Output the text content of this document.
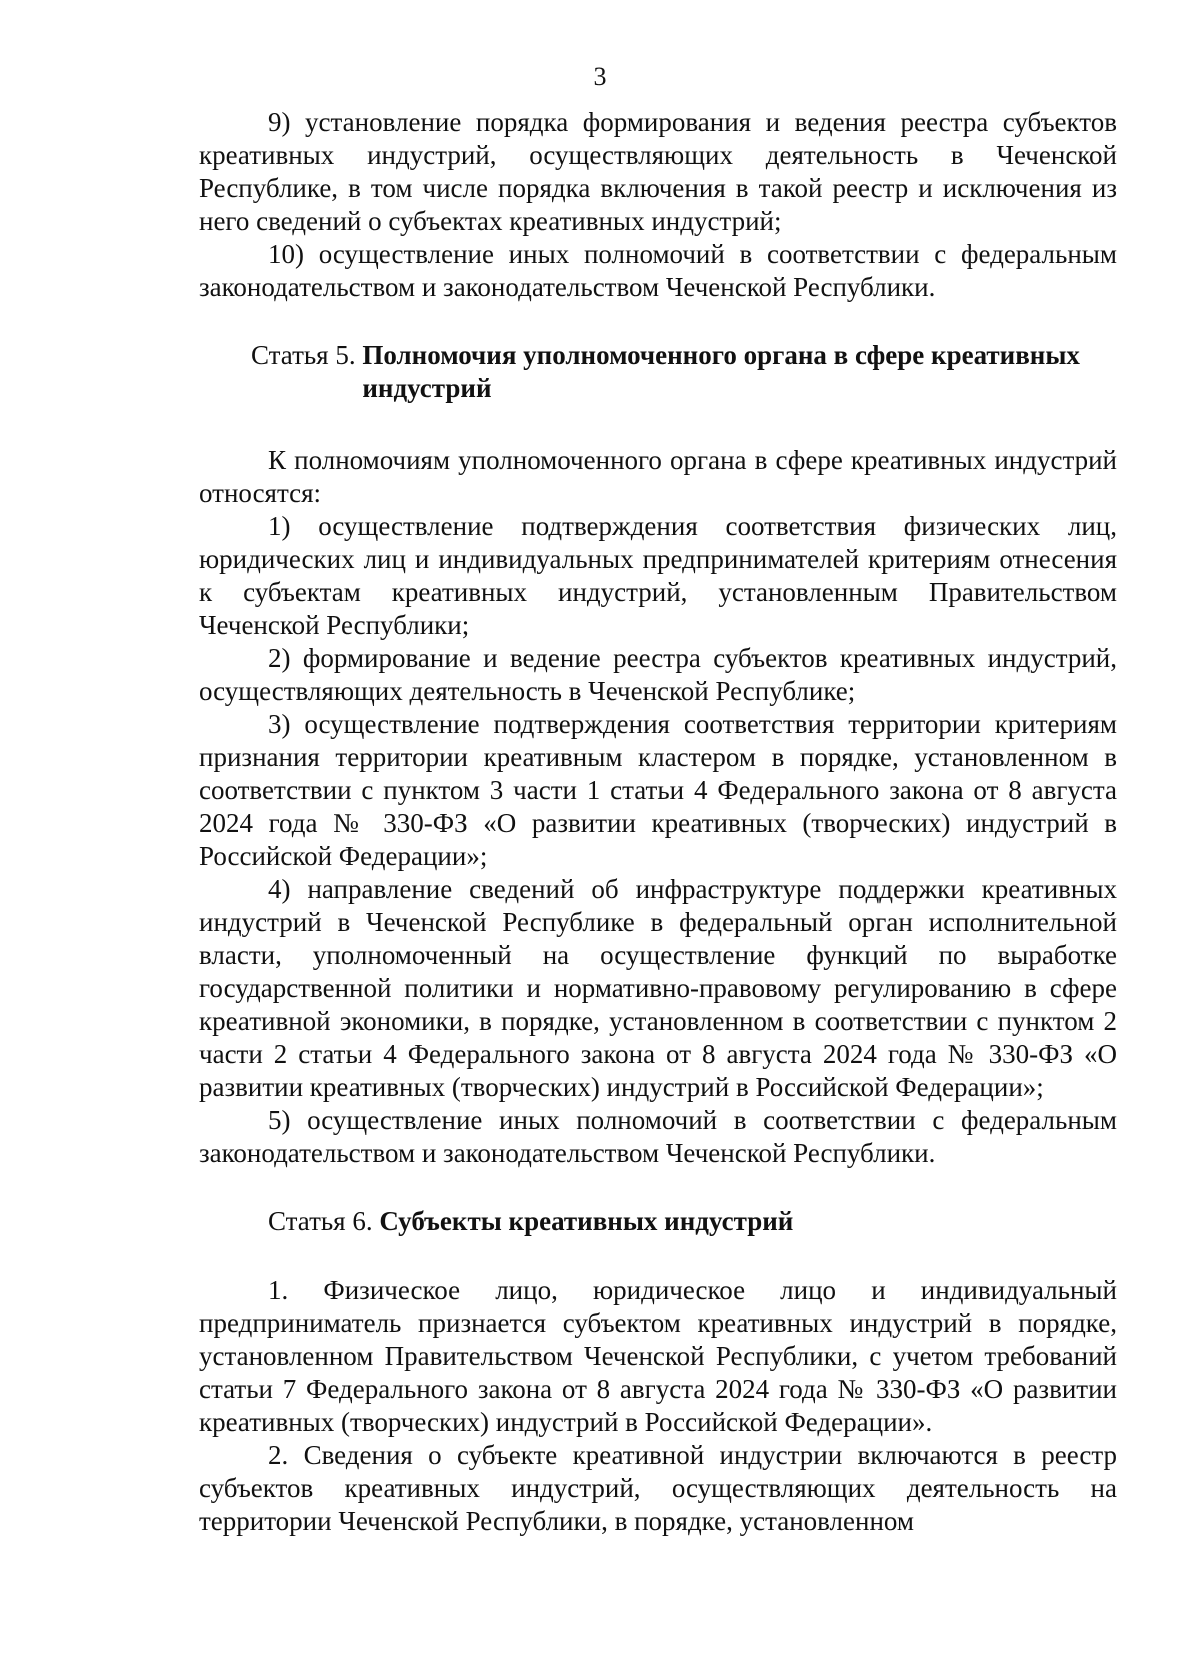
3

9) установление порядка формирования и ведения реестра субъектов креативных индустрий, осуществляющих деятельность в Чеченской Республике, в том числе порядка включения в такой реестр и исключения из него сведений о субъектах креативных индустрий;

10) осуществление иных полномочий в соответствии с федеральным законодательством и законодательством Чеченской Республики.

Статья 5. Полномочия уполномоченного органа в сфере креативных индустрий

К полномочиям уполномоченного органа в сфере креативных индустрий относятся:

1) осуществление подтверждения соответствия физических лиц, юридических лиц и индивидуальных предпринимателей критериям отнесения к субъектам креативных индустрий, установленным Правительством Чеченской Республики;

2) формирование и ведение реестра субъектов креативных индустрий, осуществляющих деятельность в Чеченской Республике;

3) осуществление подтверждения соответствия территории критериям признания территории креативным кластером в порядке, установленном в соответствии с пунктом 3 части 1 статьи 4 Федерального закона от 8 августа 2024 года № 330-ФЗ «О развитии креативных (творческих) индустрий в Российской Федерации»;

4) направление сведений об инфраструктуре поддержки креативных индустрий в Чеченской Республике в федеральный орган исполнительной власти, уполномоченный на осуществление функций по выработке государственной политики и нормативно-правовому регулированию в сфере креативной экономики, в порядке, установленном в соответствии с пунктом 2 части 2 статьи 4 Федерального закона от 8 августа 2024 года № 330-ФЗ «О развитии креативных (творческих) индустрий в Российской Федерации»;

5) осуществление иных полномочий в соответствии с федеральным законодательством и законодательством Чеченской Республики.

Статья 6. Субъекты креативных индустрий

1. Физическое лицо, юридическое лицо и индивидуальный предприниматель признается субъектом креативных индустрий в порядке, установленном Правительством Чеченской Республики, с учетом требований статьи 7 Федерального закона от 8 августа 2024 года № 330-ФЗ «О развитии креативных (творческих) индустрий в Российской Федерации».

2. Сведения о субъекте креативной индустрии включаются в реестр субъектов креативных индустрий, осуществляющих деятельность на территории Чеченской Республики, в порядке, установленном
